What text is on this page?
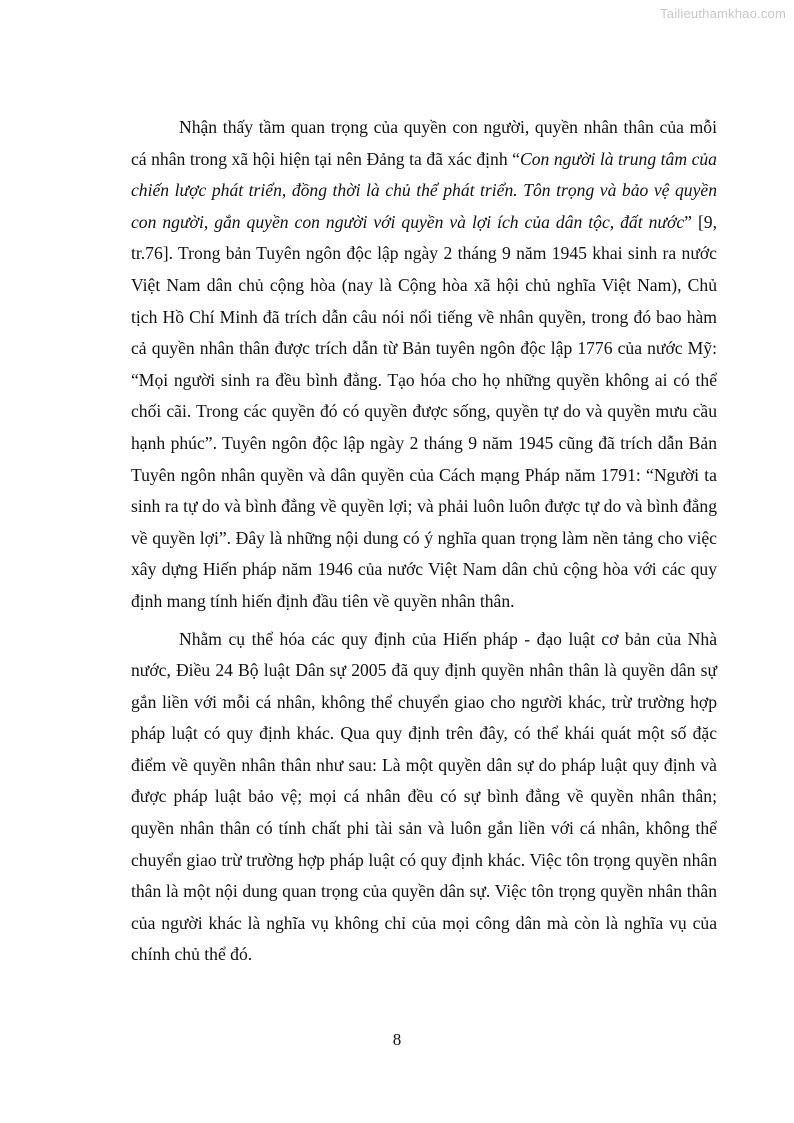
Tailieuthamkhao.com

Nhận thấy tầm quan trọng của quyền con người, quyền nhân thân của mỗi cá nhân trong xã hội hiện tại nên Đảng ta đã xác định “Con người là trung tâm của chiến lược phát triển, đồng thời là chủ thể phát triển. Tôn trọng và bảo vệ quyền con người, gắn quyền con người với quyền và lợi ích của dân tộc, đất nước” [9, tr.76]. Trong bản Tuyên ngôn độc lập ngày 2 tháng 9 năm 1945 khai sinh ra nước Việt Nam dân chủ cộng hòa (nay là Cộng hòa xã hội chủ nghĩa Việt Nam), Chủ tịch Hồ Chí Minh đã trích dẫn câu nói nổi tiếng về nhân quyền, trong đó bao hàm cả quyền nhân thân được trích dẫn từ Bản tuyên ngôn độc lập 1776 của nước Mỹ: “Mọi người sinh ra đều bình đẳng. Tạo hóa cho họ những quyền không ai có thể chối cãi. Trong các quyền đó có quyền được sống, quyền tự do và quyền mưu cầu hạnh phúc”. Tuyên ngôn độc lập ngày 2 tháng 9 năm 1945 cũng đã trích dẫn Bản Tuyên ngôn nhân quyền và dân quyền của Cách mạng Pháp năm 1791: “Người ta sinh ra tự do và bình đẳng về quyền lợi; và phải luôn luôn được tự do và bình đẳng về quyền lợi”. Đây là những nội dung có ý nghĩa quan trọng làm nền tảng cho việc xây dựng Hiến pháp năm 1946 của nước Việt Nam dân chủ cộng hòa với các quy định mang tính hiến định đầu tiên về quyền nhân thân.

Nhằm cụ thể hóa các quy định của Hiến pháp - đạo luật cơ bản của Nhà nước, Điều 24 Bộ luật Dân sự 2005 đã quy định quyền nhân thân là quyền dân sự gắn liền với mỗi cá nhân, không thể chuyển giao cho người khác, trừ trường hợp pháp luật có quy định khác. Qua quy định trên đây, có thể khái quát một số đặc điểm về quyền nhân thân như sau: Là một quyền dân sự do pháp luật quy định và được pháp luật bảo vệ; mọi cá nhân đều có sự bình đẳng về quyền nhân thân; quyền nhân thân có tính chất phi tài sản và luôn gắn liền với cá nhân, không thể chuyển giao trừ trường hợp pháp luật có quy định khác. Việc tôn trọng quyền nhân thân là một nội dung quan trọng của quyền dân sự. Việc tôn trọng quyền nhân thân của người khác là nghĩa vụ không chỉ của mọi công dân mà còn là nghĩa vụ của chính chủ thể đó.

8
